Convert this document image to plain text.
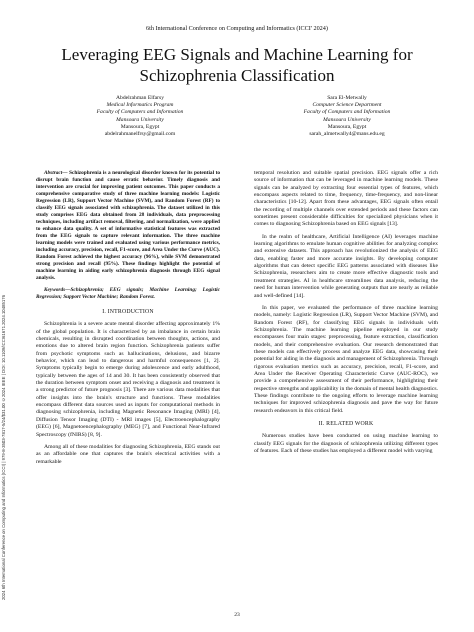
2024 6th International Conference on Computing and Informatics (ICCI) | 979-8-3503-7817-5/24/$31.00 ©2024 IEEE | DOI: 10.1109/ICCI61671.2024.10485176
6th International Conference on Computing and Informatics (ICCI' 2024)
Leveraging EEG Signals and Machine Learning for Schizophrenia Classification
Abdelrahman Elfarsy
Medical Informatics Program
Faculty of Computers and Information
Mansoura University
Mansoura, Egypt
abdelrahmanelfrsy@gmail.com
Sara El-Metwally
Computer Science Department
Faculty of Computers and Information
Mansoura University
Mansoura, Egypt
sarah_almetwally4@mans.edu.eg

Abstract— Schizophrenia is a neurological disorder known for its potential to disrupt brain function and cause erratic behavior. Timely diagnosis and intervention are crucial for improving patient outcomes. This paper conducts a comprehensive comparative study of three machine learning models: Logistic Regression (LR), Support Vector Machine (SVM), and Random Forest (RF) to classify EEG signals associated with schizophrenia. The dataset utilized in this study comprises EEG data obtained from 28 individuals, data preprocessing techniques, including artifact removal, filtering, and normalization, were applied to enhance data quality. A set of informative statistical features was extracted from the EEG signals to capture relevant information. The three machine learning models were trained and evaluated using various performance metrics, including accuracy, precision, recall, F1-score, and Area Under the Curve (AUC). Random Forest achieved the highest accuracy (96%), while SVM demonstrated strong precision and recall (95%). These findings highlight the potential of machine learning in aiding early schizophrenia diagnosis through EEG signal analysis.

Keywords—Schizophrenia; EEG signals; Machine Learning; Logistic Regression; Support Vector Machine; Random Forest.

I. INTRODUCTION

Schizophrenia is a severe acute mental disorder affecting approximately 1% of the global population. It is characterized by an imbalance in certain brain chemicals, resulting in disrupted coordination between thoughts, actions, and emotions due to altered brain region function. Schizophrenia patients suffer from psychotic symptoms such as hallucinations, delusions, and bizarre behavior, which can lead to dangerous and harmful consequences [1, 2]. Symptoms typically begin to emerge during adolescence and early adulthood, typically between the ages of 14 and 30. It has been consistently observed that the duration between symptom onset and receiving a diagnosis and treatment is a strong predictor of future prognosis [3]. There are various data modalities that offer insights into the brain's structure and functions. These modalities encompass different data sources used as inputs for computational methods in diagnosing schizophrenia, including Magnetic Resonance Imaging (MRI) [4], Diffusion Tensor Imaging (DTI) - MRI images [5], Electroencephalography (EEG) [6], Magnetoencephalography (MEG) [7], and Functional Near-Infrared Spectroscopy (fNIRS) [8, 9].

Among all of these modalities for diagnosing Schizophrenia, EEG stands out as an affordable one that captures the brain's electrical activities with a remarkable

temporal resolution and suitable spatial precision. EEG signals offer a rich source of information that can be leveraged in machine learning models. These signals can be analyzed by extracting four essential types of features, which encompass aspects related to time, frequency, time-frequency, and non-linear characteristics [10-12]. Apart from these advantages, EEG signals often entail the recording of multiple channels over extended periods and these factors can sometimes present considerable difficulties for specialized physicians when it comes to diagnosing Schizophrenia based on EEG signals [13].

In the realm of healthcare, Artificial Intelligence (AI) leverages machine learning algorithms to emulate human cognitive abilities for analyzing complex and extensive datasets. This approach has revolutionized the analysis of EEG data, enabling faster and more accurate insights. By developing computer algorithms that can detect specific EEG patterns associated with diseases like Schizophrenia, researchers aim to create more effective diagnostic tools and treatment strategies. AI in healthcare streamlines data analysis, reducing the need for human intervention while generating outputs that are nearly as reliable and well-defined [14].

In this paper, we evaluated the performance of three machine learning models, namely: Logistic Regression (LR), Support Vector Machine (SVM), and Random Forest (RF), for classifying EEG signals in individuals with Schizophrenia. The machine learning pipeline employed in our study encompasses four main stages: preprocessing, feature extraction, classification models, and their comprehensive evaluation. Our research demonstrated that these models can effectively process and analyze EEG data, showcasing their potential for aiding in the diagnosis and management of Schizophrenia. Through rigorous evaluation metrics such as accuracy, precision, recall, F1-score, and Area Under the Receiver Operating Characteristic Curve (AUC-ROC), we provide a comprehensive assessment of their performance, highlighting their respective strengths and applicability in the domain of mental health diagnostics. These findings contribute to the ongoing efforts to leverage machine learning techniques for improved schizophrenia diagnosis and pave the way for future research endeavors in this critical field.

II. RELATED WORK

Numerous studies have been conducted on using machine learning to classify EEG signals for the diagnosis of schizophrenia utilizing different types of features. Each of these studies has employed a different model with varying

23
